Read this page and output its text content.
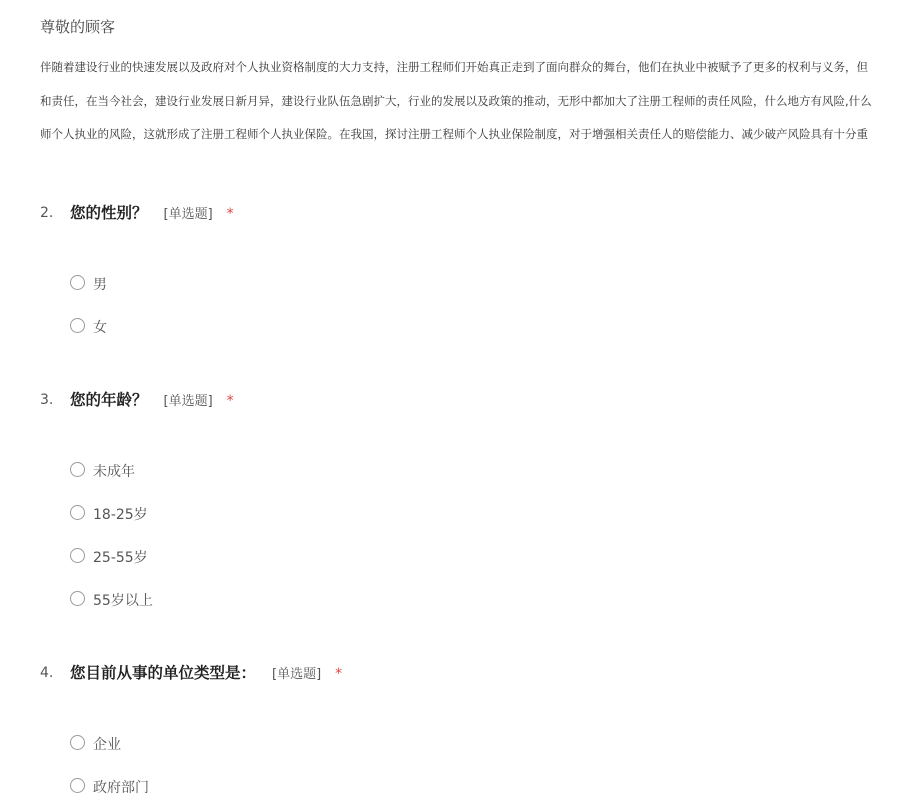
尊敬的顾客
伴随着建设行业的快速发展以及政府对个人执业资格制度的大力支持，注册工程师们开始真正走到了面向群众的舞台，他们在执业中被赋予了更多的权利与义务，但
和责任，在当今社会，建设行业发展日新月异，建设行业队伍急剧扩大，行业的发展以及政策的推动，无形中都加大了注册工程师的责任风险，什么地方有风险,什么
师个人执业的风险，这就形成了注册工程师个人执业保险。在我国，探讨注册工程师个人执业保险制度，对于增强相关责任人的赔偿能力、减少破产风险具有十分重
2. 您的性别？ [单选题] *
男
女
3. 您的年龄？ [单选题] *
未成年
18-25岁
25-55岁
55岁以上
4. 您目前从事的单位类型是： [单选题] *
企业
政府部门
